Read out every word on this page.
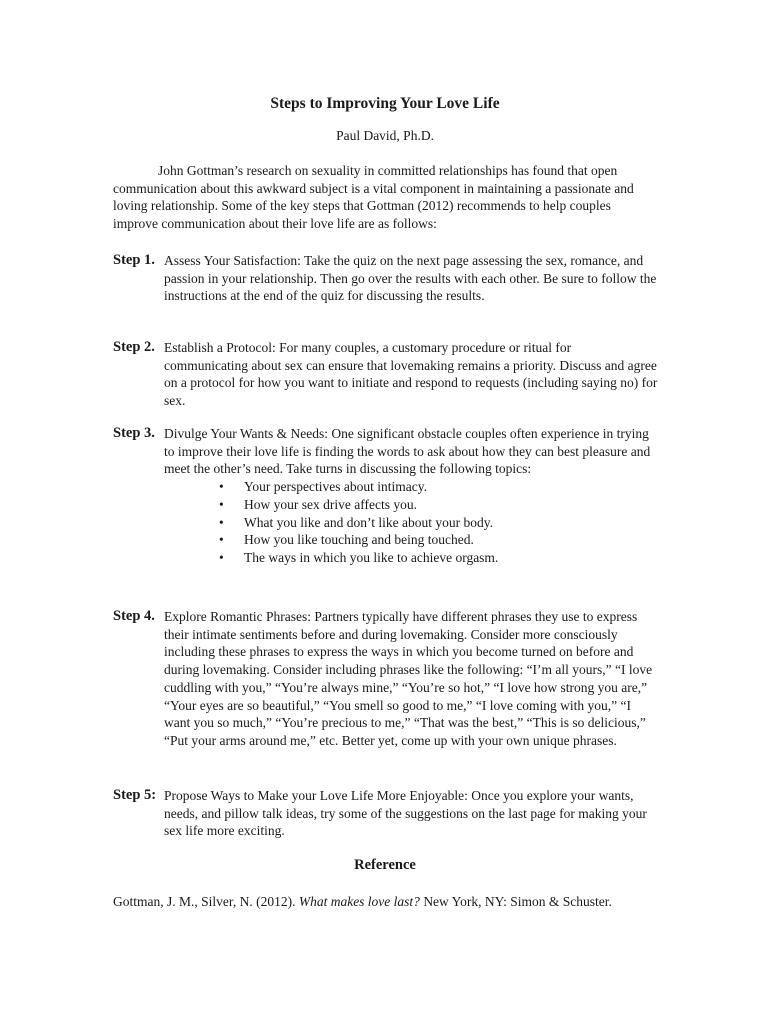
Steps to Improving Your Love Life
Paul David, Ph.D.

John Gottman’s research on sexuality in committed relationships has found that open communication about this awkward subject is a vital component in maintaining a passionate and loving relationship. Some of the key steps that Gottman (2012) recommends to help couples improve communication about their love life are as follows:

Step 1. Assess Your Satisfaction: Take the quiz on the next page assessing the sex, romance, and passion in your relationship. Then go over the results with each other. Be sure to follow the instructions at the end of the quiz for discussing the results.
Step 2. Establish a Protocol: For many couples, a customary procedure or ritual for communicating about sex can ensure that lovemaking remains a priority. Discuss and agree on a protocol for how you want to initiate and respond to requests (including saying no) for sex.
Step 3. Divulge Your Wants & Needs: One significant obstacle couples often experience in trying to improve their love life is finding the words to ask about how they can best pleasure and meet the other’s need. Take turns in discussing the following topics:
• Your perspectives about intimacy.
• How your sex drive affects you.
• What you like and don’t like about your body.
• How you like touching and being touched.
• The ways in which you like to achieve orgasm.
Step 4. Explore Romantic Phrases: Partners typically have different phrases they use to express their intimate sentiments before and during lovemaking. Consider more consciously including these phrases to express the ways in which you become turned on before and during lovemaking. Consider including phrases like the following: “I’m all yours,” “I love cuddling with you,” “You’re always mine,” “You’re so hot,” “I love how strong you are,” “Your eyes are so beautiful,” “You smell so good to me,” “I love coming with you,” “I want you so much,” “You’re precious to me,” “That was the best,” “This is so delicious,” “Put your arms around me,” etc. Better yet, come up with your own unique phrases.
Step 5: Propose Ways to Make your Love Life More Enjoyable: Once you explore your wants, needs, and pillow talk ideas, try some of the suggestions on the last page for making your sex life more exciting.
Reference
Gottman, J. M., Silver, N. (2012). What makes love last? New York, NY: Simon & Schuster.
